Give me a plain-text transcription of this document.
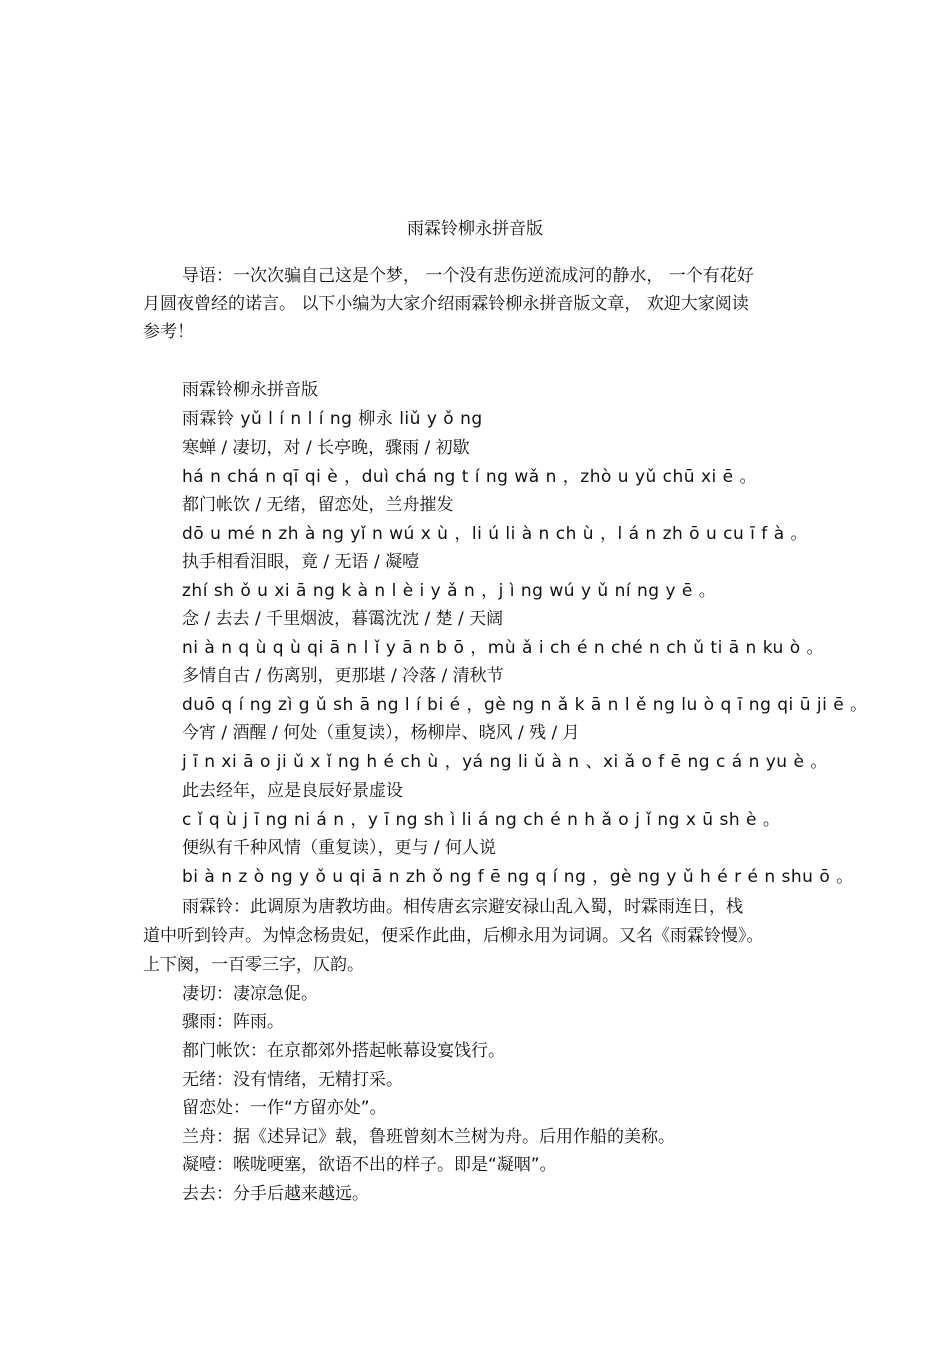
雨霖铃柳永拼音版
导语：一次次骗自己这是个梦， 一个没有悲伤逆流成河的静水， 一个有花好
月圆夜曾经的诺言。 以下小编为大家介绍雨霖铃柳永拼音版文章， 欢迎大家阅读
参考！
雨霖铃柳永拼音版
雨霖铃 yǔ l í n l í ng 柳永 liǔ y ǒ ng
寒蝉 / 凄切，对 / 长亭晚，骤雨 / 初歇
há n chá n qī qi è ，duì chá ng t í ng wǎ n ，zhò u yǔ chū xi ē 。
都门帐饮 / 无绪，留恋处，兰舟摧发
dō u mé n zh à ng yǐ n wú x ù ，li ú li à n ch ù ，l á n zh ō u cu ī f à 。
执手相看泪眼，竟 / 无语 / 凝噎
zhí sh ǒ u xi ā ng k à n l è i y ǎ n ，j ì ng wú y ǔ ní ng y ē 。
念 / 去去 / 千里烟波，暮霭沈沈 / 楚 / 天阔
ni à n q ù q ù qi ā n l ǐ y ā n b ō ，mù ǎ i ch é n ché n ch ǔ ti ā n ku ò 。
多情自古 / 伤离别，更那堪 / 冷落 / 清秋节
duō q í ng zì g ǔ sh ā ng l í bi é ，gè ng n ǎ k ā n l ě ng lu ò q ī ng qi ū ji ē 。
今宵 / 酒醒 / 何处（重复读），杨柳岸、晓风 / 残 / 月
j ī n xi ā o ji ǔ x ǐ ng h é ch ù ，yá ng li ǔ à n 、xi ǎ o f ē ng c á n yu è 。
此去经年，应是良辰好景虚设
c ǐ q ù j ī ng ni á n ，y ī ng sh ì li á ng ch é n h ǎ o j ǐ ng x ū sh è 。
便纵有千种风情（重复读），更与 / 何人说
bi à n z ò ng y ǒ u qi ā n zh ǒ ng f ē ng q í ng ，gè ng y ǔ h é r é n shu ō 。
雨霖铃：此调原为唐教坊曲。相传唐玄宗避安禄山乱入蜀，时霖雨连日，栈
道中听到铃声。为悼念杨贵妃，便采作此曲，后柳永用为词调。又名《雨霖铃慢》。
上下阕，一百零三字，仄韵。
凄切：凄凉急促。
骤雨：阵雨。
都门帐饮：在京都郊外搭起帐幕设宴饯行。
无绪：没有情绪，无精打采。
留恋处：一作“方留亦处”。
兰舟：据《述异记》载，鲁班曾刻木兰树为舟。后用作船的美称。
凝噎：喉咙哽塞，欲语不出的样子。即是“凝咽”。
去去：分手后越来越远。
